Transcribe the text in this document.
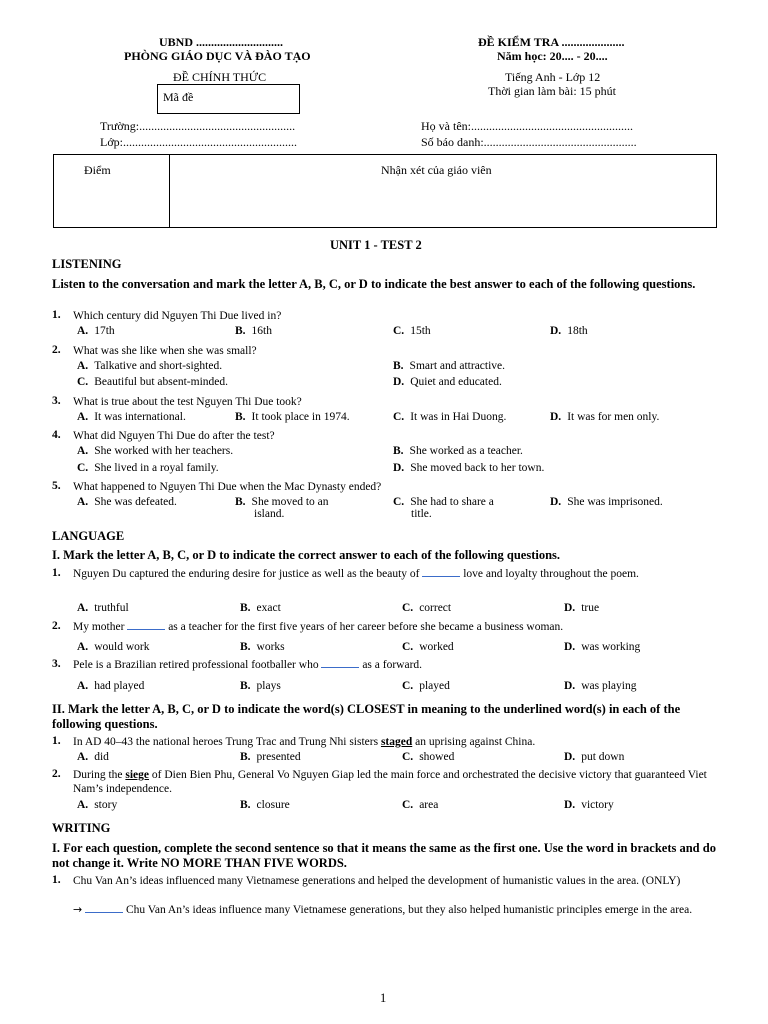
UBND .............................
PHÒNG GIÁO DỤC VÀ ĐÀO TẠO
ĐỀ CHÍNH THỨC
Mã đề
ĐỀ KIỂM TRA .....................
Năm học: 20.... - 20....
Tiếng Anh - Lớp 12
Thời gian làm bài: 15 phút
Trường:....................................................
Lớp:..........................................................
Họ và tên:......................................................
Số báo danh:...................................................
Điểm	Nhận xét của giáo viên
UNIT 1 - TEST 2
LISTENING
Listen to the conversation and mark the letter A, B, C, or D to indicate the best answer to each of the following questions.
1. Which century did Nguyen Thi Due lived in?
A. 17th	B. 16th	C. 15th	D. 18th
2. What was she like when she was small?
A. Talkative and short-sighted.	B. Smart and attractive.
C. Beautiful but absent-minded.	D. Quiet and educated.
3. What is true about the test Nguyen Thi Due took?
A. It was international.	B. It took place in 1974.	C. It was in Hai Duong.	D. It was for men only.
4. What did Nguyen Thi Due do after the test?
A. She worked with her teachers.	B. She worked as a teacher.
C. She lived in a royal family.	D. She moved back to her town.
5. What happened to Nguyen Thi Due when the Mac Dynasty ended?
A. She was defeated.	B. She moved to an
island.
C. She had to share a
title.
D. She was imprisoned.
LANGUAGE
I. Mark the letter A, B, C, or D to indicate the correct answer to each of the following questions.
1. Nguyen Du captured the enduring desire for justice as well as the beauty of	love and loyalty throughout the poem.
A. truthful	B. exact	C. correct	D. true
2. My mother	as a teacher for the first five years of her career before she became a business woman.
A. would work	B. works	C. worked	D. was working
3. Pele is a Brazilian retired professional footballer who	as a forward.
A. had played	B. plays	C. played	D. was playing
II. Mark the letter A, B, C, or D to indicate the word(s) CLOSEST in meaning to the underlined word(s) in each of the following questions.
1. In AD 40–43 the national heroes Trung Trac and Trung Nhi sisters staged an uprising against China.
A. did	B. presented	C. showed	D. put down
2. During the siege of Dien Bien Phu, General Vo Nguyen Giap led the main force and orchestrated the decisive victory that guaranteed Viet Nam’s independence.
A. story	B. closure	C. area	D. victory
WRITING
I. For each question, complete the second sentence so that it means the same as the first one. Use the word in brackets and do not change it. Write NO MORE THAN FIVE WORDS.
1. Chu Van An’s ideas influenced many Vietnamese generations and helped the development of humanistic values in the area. (ONLY)
→	Chu Van An’s ideas influence many Vietnamese generations, but they also helped humanistic principles emerge in the area.
1
